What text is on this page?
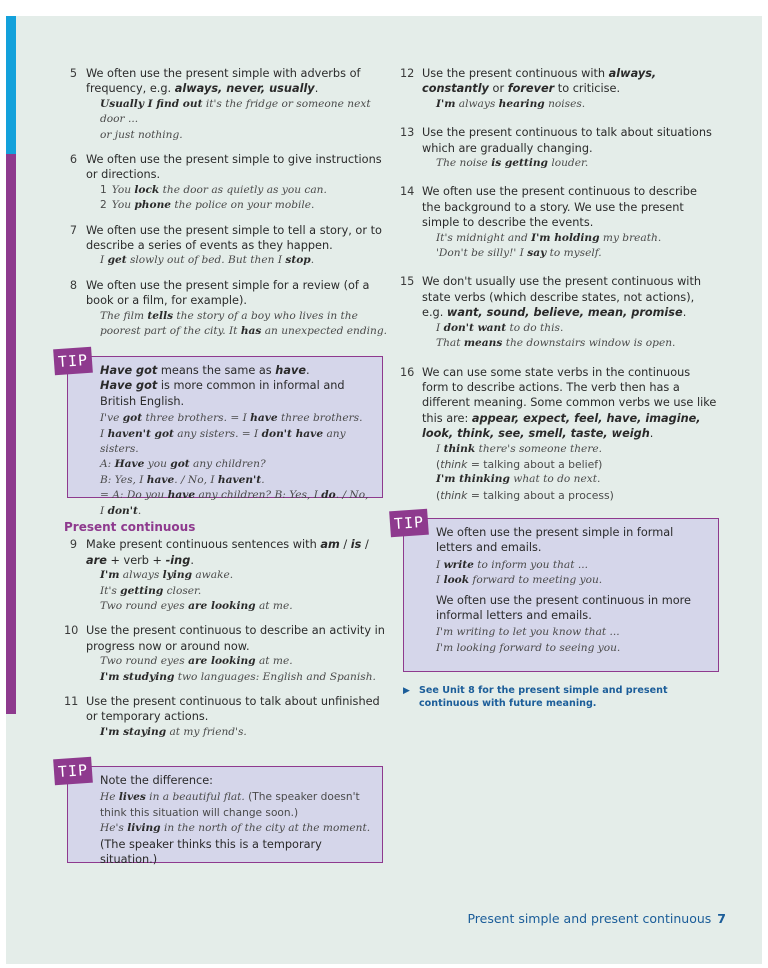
5 We often use the present simple with adverbs of frequency, e.g. always, never, usually.
Usually I find out it's the fridge or someone next door ...
or just nothing.
6 We often use the present simple to give instructions or directions.
1 You lock the door as quietly as you can.
2 You phone the police on your mobile.
7 We often use the present simple to tell a story, or to describe a series of events as they happen.
I get slowly out of bed. But then I stop.
8 We often use the present simple for a review (of a book or a film, for example).
The film tells the story of a boy who lives in the poorest part of the city. It has an unexpected ending.
TIP	Have got means the same as have.
Have got is more common in informal and British English.
I've got three brothers. = I have three brothers.
I haven't got any sisters. = I don't have any sisters.
A: Have you got any children?
B: Yes, I have. / No, I haven't.
= A: Do you have any children? B: Yes, I do. / No, I don't.
Present continuous
9 Make present continuous sentences with am / is /
are + verb + -ing.
I'm always lying awake.
It's getting closer.
Two round eyes are looking at me.
10 Use the present continuous to describe an activity in progress now or around now.
Two round eyes are looking at me.
I'm studying two languages: English and Spanish.
11 Use the present continuous to talk about unfinished or temporary actions.
I'm staying at my friend's.
TIP	Note the difference:
He lives in a beautiful flat. (The speaker doesn't think this situation will change soon.)
He's living in the north of the city at the moment.
(The speaker thinks this is a temporary situation.)
12 Use the present continuous with always, constantly or forever to criticise.
I'm always hearing noises.
13 Use the present continuous to talk about situations which are gradually changing.
The noise is getting louder.
14 We often use the present continuous to describe the background to a story. We use the present simple to describe the events.
It's midnight and I'm holding my breath.
'Don't be silly!' I say to myself.
15 We don't usually use the present continuous with state verbs (which describe states, not actions), e.g. want, sound, believe, mean, promise.
I don't want to do this.
That means the downstairs window is open.
16 We can use some state verbs in the continuous form to describe actions. The verb then has a different meaning. Some common verbs we use like this are: appear, expect, feel, have, imagine, look, think, see, smell, taste, weigh.
I think there's someone there.
(think = talking about a belief)
I'm thinking what to do next.
(think = talking about a process)
TIP	We often use the present simple in formal letters and emails.
I write to inform you that ...
I look forward to meeting you.
We often use the present continuous in more informal letters and emails.
I'm writing to let you know that ...
I'm looking forward to seeing you.
▶ See Unit 8 for the present simple and present continuous with future meaning.
Present simple and present continuous 7
